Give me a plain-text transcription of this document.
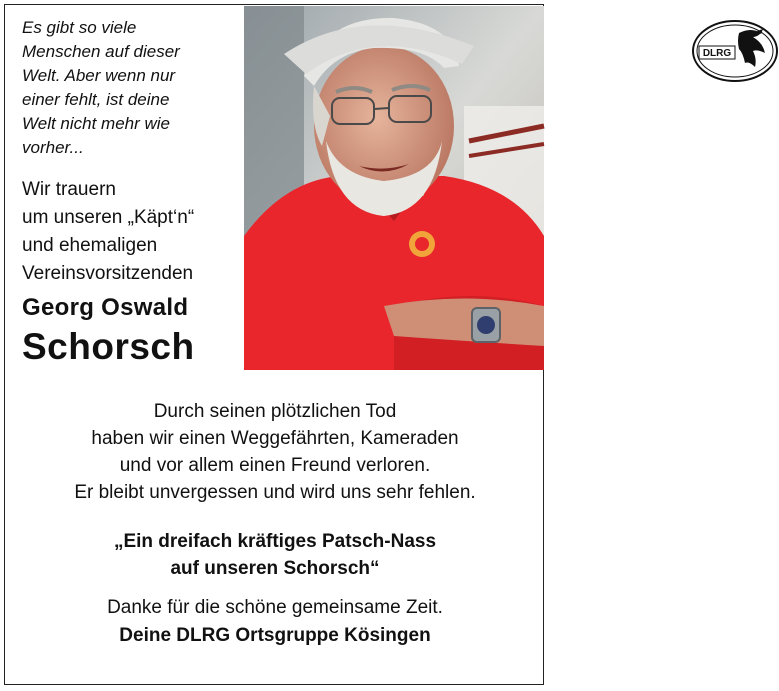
Es gibt so viele
Menschen auf dieser
Welt. Aber wenn nur
einer fehlt, ist deine
Welt nicht mehr wie
vorher...
Wir trauern
um unseren „Käpt‘n“
und ehemaligen
Vereinsvorsitzenden
Georg Oswald
Schorsch
DLRG
Durch seinen plötzlichen Tod
haben wir einen Weggefährten, Kameraden
und vor allem einen Freund verloren.
Er bleibt unvergessen und wird uns sehr fehlen.
„Ein dreifach kräftiges Patsch-Nass
auf unseren Schorsch“
Danke für die schöne gemeinsame Zeit.
Deine DLRG Ortsgruppe Kösingen
